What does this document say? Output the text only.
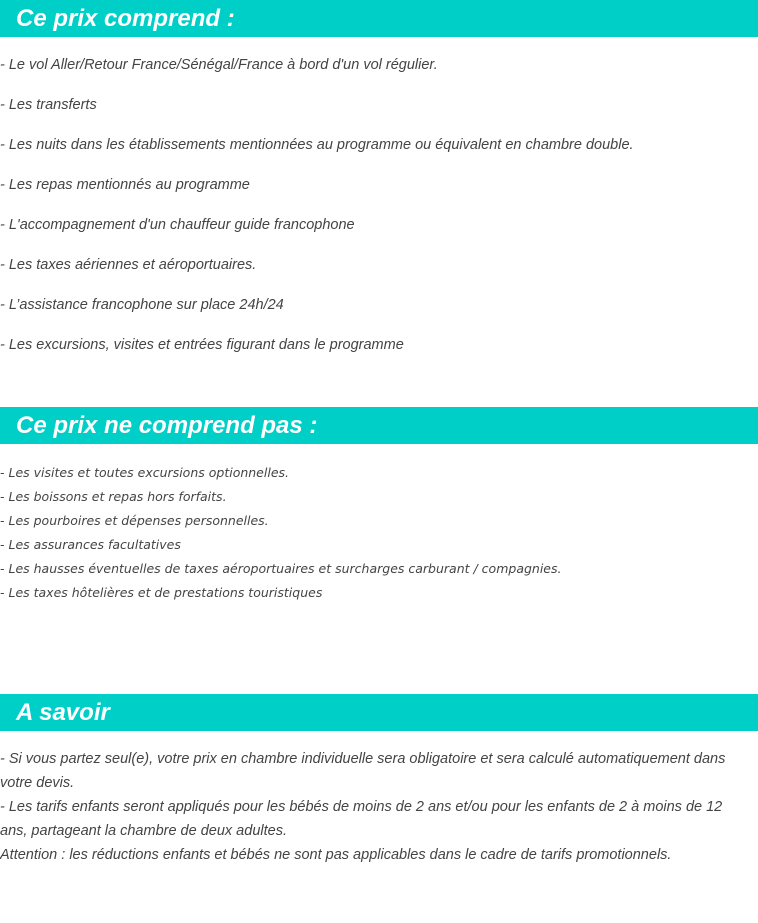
Ce prix comprend :
- Le vol Aller/Retour France/Sénégal/France à bord d'un vol régulier.
- Les transferts
- Les nuits dans les établissements mentionnées au programme ou équivalent en chambre double.
- Les repas mentionnés au programme
- L'accompagnement d'un chauffeur guide francophone
- Les taxes aériennes et aéroportuaires.
- L’assistance francophone sur place 24h/24
- Les excursions, visites et entrées figurant dans le programme
Ce prix ne comprend pas :
- Les visites et toutes excursions optionnelles.
- Les boissons et repas hors forfaits.
- Les pourboires et dépenses personnelles.
- Les assurances facultatives
- Les hausses éventuelles de taxes aéroportuaires et surcharges carburant / compagnies.
- Les taxes hôtelières et de prestations touristiques
A savoir

- Si vous partez seul(e), votre prix en chambre individuelle sera obligatoire et sera calculé automatiquement dans votre devis.

- Les tarifs enfants seront appliqués pour les bébés de moins de 2 ans et/ou pour les enfants de 2 à moins de 12 ans, partageant la chambre de deux adultes.

Attention : les réductions enfants et bébés ne sont pas applicables dans le cadre de tarifs promotionnels.
